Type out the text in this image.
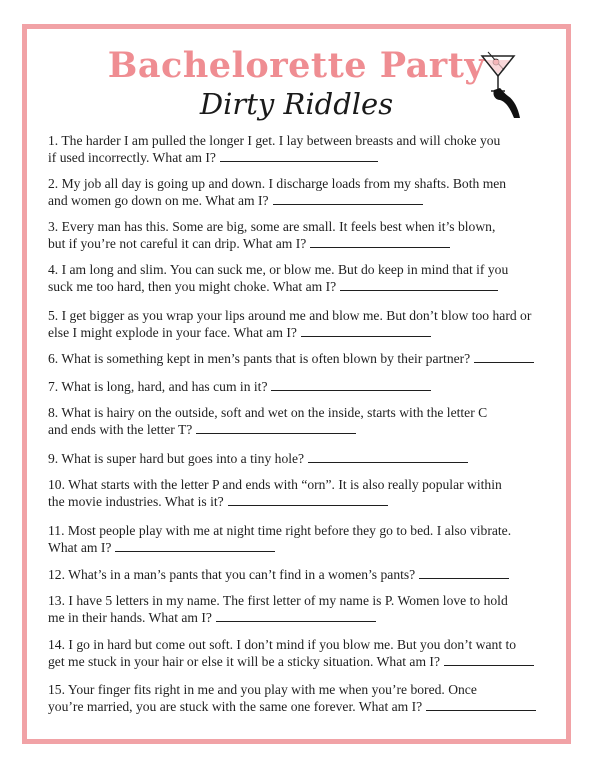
Bachelorette Party
Dirty Riddles
1. The harder I am pulled the longer I get. I lay between breasts and will choke you
if used incorrectly. What am I?
2. My job all day is going up and down. I discharge loads from my shafts. Both men
and women go down on me. What am I?
3. Every man has this. Some are big, some are small. It feels best when it’s blown,
but if you’re not careful it can drip. What am I?
4. I am long and slim. You can suck me, or blow me. But do keep in mind that if you
suck me too hard, then you might choke. What am I?
5. I get bigger as you wrap your lips around me and blow me. But don’t blow too hard or
else I might explode in your face. What am I?
6. What is something kept in men’s pants that is often blown by their partner?
7. What is long, hard, and has cum in it?
8. What is hairy on the outside, soft and wet on the inside, starts with the letter C
and ends with the letter T?
9. What is super hard but goes into a tiny hole?
10. What starts with the letter P and ends with “orn”. It is also really popular within
the movie industries. What is it?
11. Most people play with me at night time right before they go to bed. I also vibrate.
What am I?
12. What’s in a man’s pants that you can’t find in a women’s pants?
13. I have 5 letters in my name. The first letter of my name is P. Women love to hold
me in their hands. What am I?
14. I go in hard but come out soft. I don’t mind if you blow me. But you don’t want to
get me stuck in your hair or else it will be a sticky situation. What am I?
15. Your finger fits right in me and you play with me when you’re bored. Once
you’re married, you are stuck with the same one forever. What am I?
